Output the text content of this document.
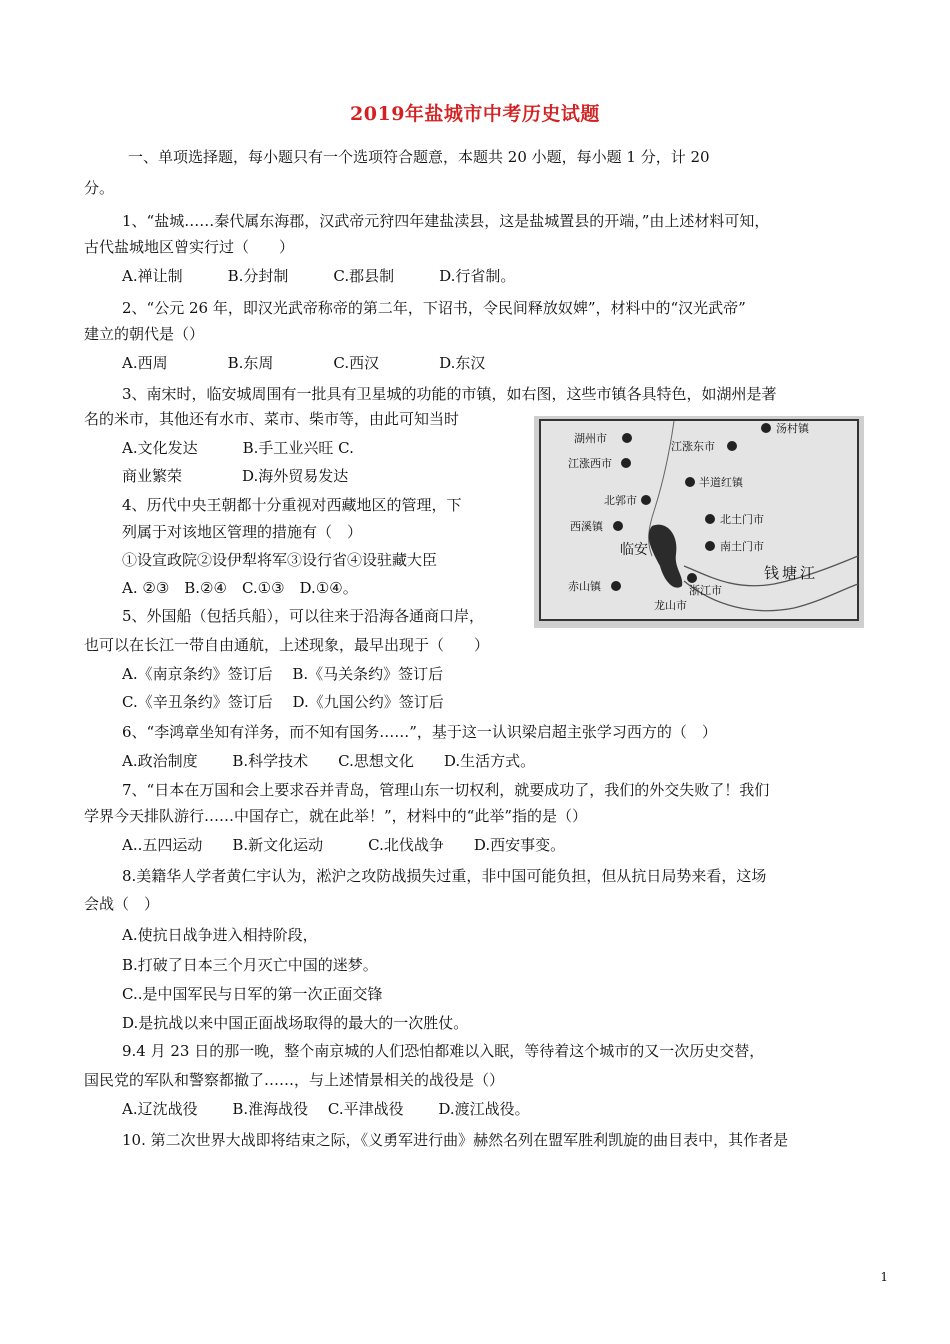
2019年盐城市中考历史试题
一、单项选择题，每小题只有一个选项符合题意，本题共 20 小题，每小题 1 分，计 20
分。
1、“盐城……秦代属东海郡，汉武帝元狩四年建盐渎县，这是盐城置县的开端，”由上述材料可知，
古代盐城地区曾实行过（　　）
A.禅让制　　　B.分封制　　　C.郡县制　　　D.行省制。
2、“公元 26 年，即汉光武帝称帝的第二年，下诏书，令民间释放奴婢”，材料中的“汉光武帝”
建立的朝代是（）
A.西周　　　　B.东周　　　　C.西汉　　　　D.东汉
3、南宋时，临安城周围有一批具有卫星城的功能的市镇，如右图，这些市镇各具特色，如湖州是著
名的米市，其他还有水市、菜市、柴市等，由此可知当时
A.文化发达　　　B.手工业兴旺 C.
商业繁荣　　　　D.海外贸易发达
4、历代中央王朝都十分重视对西藏地区的管理，下
列属于对该地区管理的措施有（　）
①设宣政院②设伊犁将军③设行省④设驻藏大臣
A. ②③　B.②④　C.①③　D.①④。
5、外国船（包括兵船），可以往来于沿海各通商口岸，
也可以在长江一带自由通航，上述现象，最早出现于（　　）
A.《南京条约》签订后　 B.《马关条约》签订后
C.《辛丑条约》签订后　 D.《九国公约》签订后
6、“李鸿章坐知有洋务，而不知有国务……”，基于这一认识梁启超主张学习西方的（　）
A.政治制度　　 B.科学技术　　C.思想文化　　D.生活方式。
7、“日本在万国和会上要求吞并青岛，管理山东一切权利，就要成功了，我们的外交失败了！我们
学界今天排队游行……中国存亡，就在此举！”，材料中的“此举”指的是（）
A..五四运动　　B.新文化运动　　　C.北伐战争　　D.西安事变。
8.美籍华人学者黄仁宇认为，淞沪之攻防战损失过重，非中国可能负担，但从抗日局势来看，这场
会战（　）
A.使抗日战争进入相持阶段，
B.打破了日本三个月灭亡中国的迷梦。
C..是中国军民与日军的第一次正面交锋
D.是抗战以来中国正面战场取得的最大的一次胜仗。
9.4 月 23 日的那一晚，整个南京城的人们恐怕都难以入眠，等待着这个城市的又一次历史交替，
国民党的军队和警察都撤了……，与上述情景相关的战役是（）
A.辽沈战役　　 B.淮海战役　 C.平津战役　　 D.渡江战役。
10. 第二次世界大战即将结束之际，《义勇军进行曲》赫然名列在盟军胜利凯旋的曲目表中，其作者是
1
湖州市
江涨东市
汤村镇
江涨西市
半道红镇
北郭市
西溪镇
北土门市
临安	南土门市
钱塘江
赤山镇	浙江市
龙山市
